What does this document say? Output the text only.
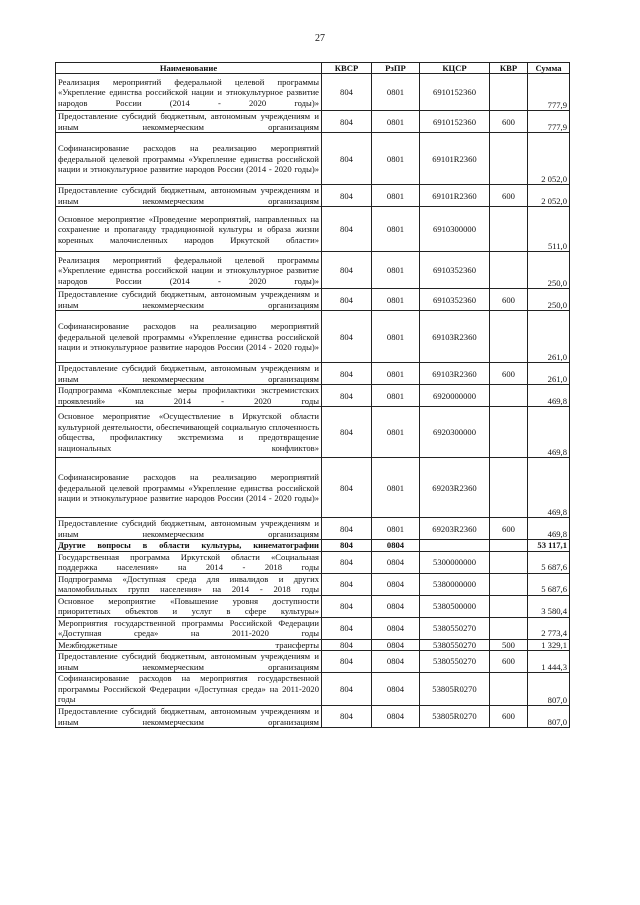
27
Наименование	КВСР	РзПР	КЦСР	КВР	Сумма
Реализация мероприятий федеральной целевой программы «Укрепление единства российской нации и этнокультурное развитие народов России (2014 - 2020 годы)»	804	0801	6910152360		777,9
Предоставление субсидий бюджетным, автономным учреждениям и иным некоммерческим организациям	804	0801	6910152360	600	777,9
Софинансирование расходов на реализацию мероприятий федеральной целевой программы «Укрепление единства российской нации и этнокультурное развитие народов России (2014 - 2020 годы)»	804	0801	69101R2360		2 052,0
Предоставление субсидий бюджетным, автономным учреждениям и иным некоммерческим организациям	804	0801	69101R2360	600	2 052,0
Основное мероприятие «Проведение мероприятий, направленных на сохранение и пропаганду традиционной культуры и образа жизни коренных малочисленных народов Иркутской области»	804	0801	6910300000		511,0
Реализация мероприятий федеральной целевой программы «Укрепление единства российской нации и этнокультурное развитие народов России (2014 - 2020 годы)»	804	0801	6910352360		250,0
Предоставление субсидий бюджетным, автономным учреждениям и иным некоммерческим организациям	804	0801	6910352360	600	250,0
Софинансирование расходов на реализацию мероприятий федеральной целевой программы «Укрепление единства российской нации и этнокультурное развитие народов России (2014 - 2020 годы)»	804	0801	69103R2360		261,0
Предоставление субсидий бюджетным, автономным учреждениям и иным некоммерческим организациям	804	0801	69103R2360	600	261,0
Подпрограмма «Комплексные меры профилактики экстремистских проявлений» на 2014 - 2020 годы	804	0801	6920000000		469,8
Основное мероприятие «Осуществление в Иркутской области культурной деятельности, обеспечивающей социальную сплоченность общества, профилактику экстремизма и предотвращение национальных конфликтов»	804	0801	6920300000		469,8
Софинансирование расходов на реализацию мероприятий федеральной целевой программы «Укрепление единства российской нации и этнокультурное развитие народов России (2014 - 2020 годы)»	804	0801	69203R2360		469,8
Предоставление субсидий бюджетным, автономным учреждениям и иным некоммерческим организациям	804	0801	69203R2360	600	469,8
Другие вопросы в области культуры, кинематографии	804	0804			53 117,1
Государственная программа Иркутской области «Социальная поддержка населения» на 2014 - 2018 годы	804	0804	5300000000		5 687,6
Подпрограмма «Доступная среда для инвалидов и других маломобильных групп населения» на 2014 - 2018 годы	804	0804	5380000000		5 687,6
Основное мероприятие «Повышение уровня доступности приоритетных объектов и услуг в сфере культуры»	804	0804	5380500000		3 580,4
Мероприятия государственной программы Российской Федерации «Доступная среда» на 2011-2020 годы	804	0804	5380550270		2 773,4
Межбюджетные трансферты	804	0804	5380550270	500	1 329,1
Предоставление субсидий бюджетным, автономным учреждениям и иным некоммерческим организациям	804	0804	5380550270	600	1 444,3
Софинансирование расходов на мероприятия государственной программы Российской Федерации «Доступная среда» на 2011-2020 годы	804	0804	53805R0270		807,0
Предоставление субсидий бюджетным, автономным учреждениям и иным некоммерческим организациям	804	0804	53805R0270	600	807,0
